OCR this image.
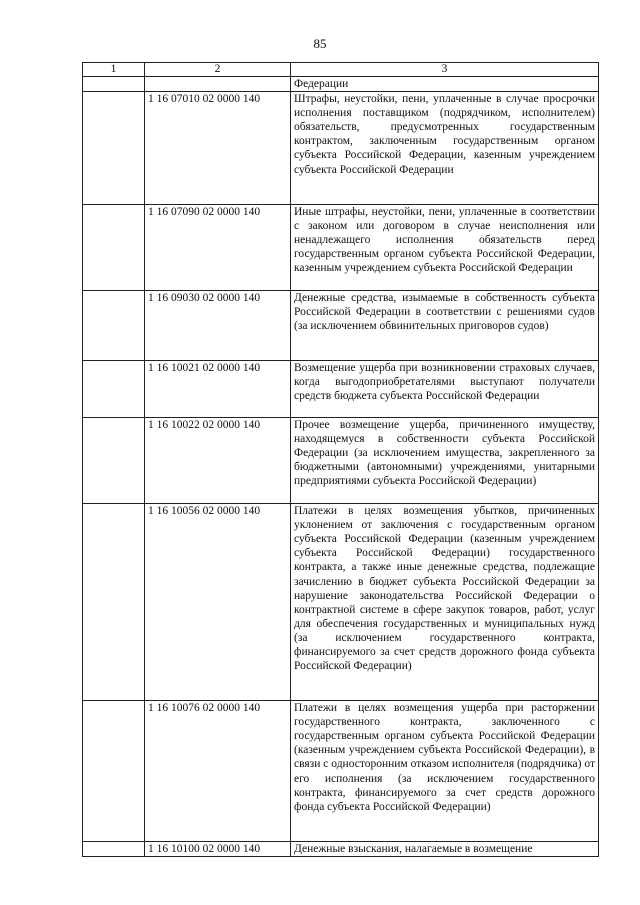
85
1	2	3
		Федерации
	1 16 07010 02 0000 140	Штрафы, неустойки, пени, уплаченные в случае просрочки исполнения поставщиком (подрядчиком, исполнителем) обязательств, предусмотренных государственным контрактом, заключенным государственным органом субъекта Российской Федерации, казенным учреждением субъекта Российской Федерации
	1 16 07090 02 0000 140	Иные штрафы, неустойки, пени, уплаченные в соответствии с законом или договором в случае неисполнения или ненадлежащего исполнения обязательств перед государственным органом субъекта Российской Федерации, казенным учреждением субъекта Российской Федерации
	1 16 09030 02 0000 140	Денежные средства, изымаемые в собственность субъекта Российской Федерации в соответствии с решениями судов (за исключением обвинительных приговоров судов)
	1 16 10021 02 0000 140	Возмещение ущерба при возникновении страховых случаев, когда выгодоприобретателями выступают получатели средств бюджета субъекта Российской Федерации
	1 16 10022 02 0000 140	Прочее возмещение ущерба, причиненного имуществу, находящемуся в собственности субъекта Российской Федерации (за исключением имущества, закрепленного за бюджетными (автономными) учреждениями, унитарными предприятиями субъекта Российской Федерации)
	1 16 10056 02 0000 140	Платежи в целях возмещения убытков, причиненных уклонением от заключения с государственным органом субъекта Российской Федерации (казенным учреждением субъекта Российской Федерации) государственного контракта, а также иные денежные средства, подлежащие зачислению в бюджет субъекта Российской Федерации за нарушение законодательства Российской Федерации о контрактной системе в сфере закупок товаров, работ, услуг для обеспечения государственных и муниципальных нужд (за исключением государственного контракта, финансируемого за счет средств дорожного фонда субъекта Российской Федерации)
	1 16 10076 02 0000 140	Платежи в целях возмещения ущерба при расторжении государственного контракта, заключенного с государственным органом субъекта Российской Федерации (казенным учреждением субъекта Российской Федерации), в связи с односторонним отказом исполнителя (подрядчика) от его исполнения (за исключением государственного контракта, финансируемого за счет средств дорожного фонда субъекта Российской Федерации)
	1 16 10100 02 0000 140	Денежные взыскания, налагаемые в возмещение
